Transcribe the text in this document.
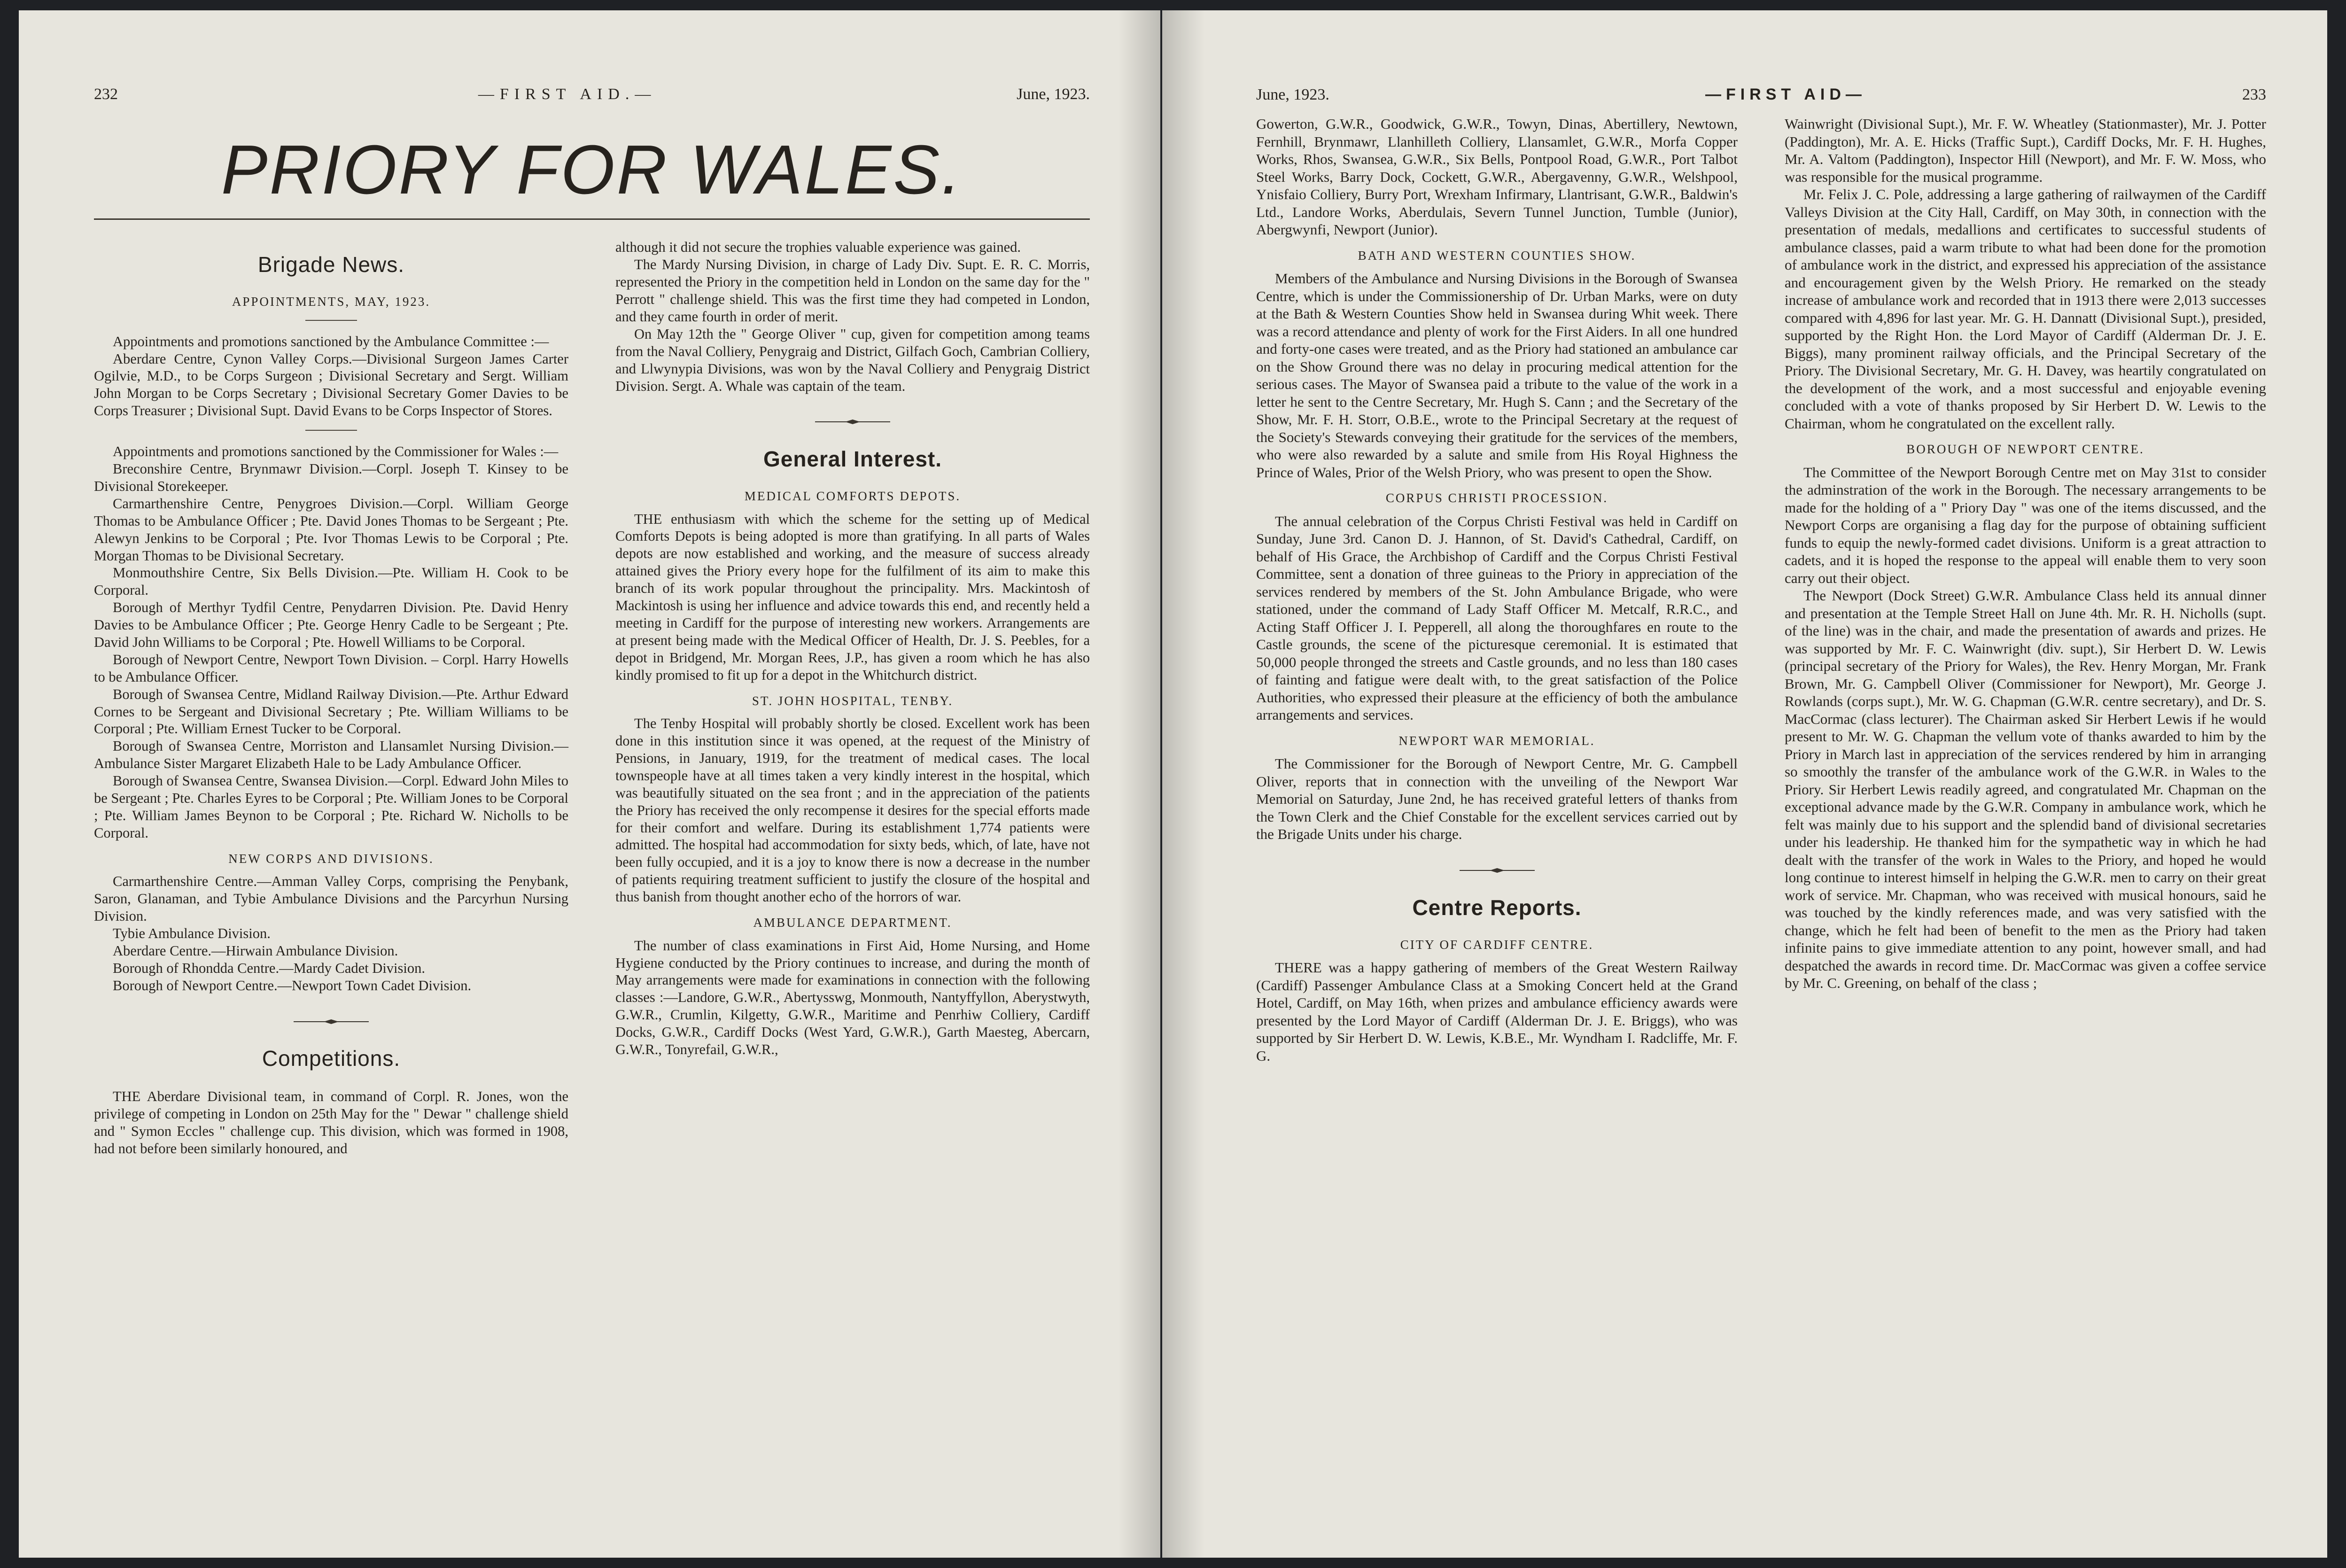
232	—FIRST AID.—	June, 1923.
PRIORY FOR WALES.
Brigade News.
APPOINTMENTS, MAY, 1923.

Appointments and promotions sanctioned by the Ambulance Committee :—

Aberdare Centre, Cynon Valley Corps.—Divisional Surgeon James Carter Ogilvie, M.D., to be Corps Surgeon ; Divisional Secretary and Sergt. William John Morgan to be Corps Secretary ; Divisional Secretary Gomer Davies to be Corps Treasurer ; Divisional Supt. David Evans to be Corps Inspector of Stores.

Appointments and promotions sanctioned by the Commissioner for Wales :—

Breconshire Centre, Brynmawr Division.—Corpl. Joseph T. Kinsey to be Divisional Storekeeper.

Carmarthenshire Centre, Penygroes Division.—Corpl. William George Thomas to be Ambulance Officer ; Pte. David Jones Thomas to be Sergeant ; Pte. Alewyn Jenkins to be Corporal ; Pte. Ivor Thomas Lewis to be Corporal ; Pte. Morgan Thomas to be Divisional Secretary.

Monmouthshire Centre, Six Bells Division.—Pte. William H. Cook to be Corporal.

Borough of Merthyr Tydfil Centre, Penydarren Division. Pte. David Henry Davies to be Ambulance Officer ; Pte. George Henry Cadle to be Sergeant ; Pte. David John Williams to be Corporal ; Pte. Howell Williams to be Corporal.

Borough of Newport Centre, Newport Town Division. – Corpl. Harry Howells to be Ambulance Officer.

Borough of Swansea Centre, Midland Railway Division.—Pte. Arthur Edward Cornes to be Sergeant and Divisional Secretary ; Pte. William Williams to be Corporal ; Pte. William Ernest Tucker to be Corporal.

Borough of Swansea Centre, Morriston and Llansamlet Nursing Division.—Ambulance Sister Margaret Elizabeth Hale to be Lady Ambulance Officer.

Borough of Swansea Centre, Swansea Division.—Corpl. Edward John Miles to be Sergeant ; Pte. Charles Eyres to be Corporal ; Pte. William Jones to be Corporal ; Pte. William James Beynon to be Corporal ; Pte. Richard W. Nicholls to be Corporal.

NEW CORPS AND DIVISIONS.

Carmarthenshire Centre.—Amman Valley Corps, comprising the Penybank, Saron, Glanaman, and Tybie Ambulance Divisions and the Parcyrhun Nursing Division.

Tybie Ambulance Division.

Aberdare Centre.—Hirwain Ambulance Division.

Borough of Rhondda Centre.—Mardy Cadet Division.

Borough of Newport Centre.—Newport Town Cadet Division.

Competitions.

THE Aberdare Divisional team, in command of Corpl. R. Jones, won the privilege of competing in London on 25th May for the " Dewar " challenge shield and " Symon Eccles " challenge cup. This division, which was formed in 1908, had not before been similarly honoured, and

although it did not secure the trophies valuable experience was gained.

The Mardy Nursing Division, in charge of Lady Div. Supt. E. R. C. Morris, represented the Priory in the competition held in London on the same day for the " Perrott " challenge shield. This was the first time they had competed in London, and they came fourth in order of merit.

On May 12th the " George Oliver " cup, given for competition among teams from the Naval Colliery, Penygraig and District, Gilfach Goch, Cambrian Colliery, and Llwynypia Divisions, was won by the Naval Colliery and Penygraig District Division. Sergt. A. Whale was captain of the team.

General Interest.
MEDICAL COMFORTS DEPOTS.

THE enthusiasm with which the scheme for the setting up of Medical Comforts Depots is being adopted is more than gratifying. In all parts of Wales depots are now established and working, and the measure of success already attained gives the Priory every hope for the fulfilment of its aim to make this branch of its work popular throughout the principality. Mrs. Mackintosh of Mackintosh is using her influence and advice towards this end, and recently held a meeting in Cardiff for the purpose of interesting new workers. Arrangements are at present being made with the Medical Officer of Health, Dr. J. S. Peebles, for a depot in Bridgend, Mr. Morgan Rees, J.P., has given a room which he has also kindly promised to fit up for a depot in the Whitchurch district.

ST. JOHN HOSPITAL, TENBY.

The Tenby Hospital will probably shortly be closed. Excellent work has been done in this institution since it was opened, at the request of the Ministry of Pensions, in January, 1919, for the treatment of medical cases. The local townspeople have at all times taken a very kindly interest in the hospital, which was beautifully situated on the sea front ; and in the appreciation of the patients the Priory has received the only recompense it desires for the special efforts made for their comfort and welfare. During its establishment 1,774 patients were admitted. The hospital had accommodation for sixty beds, which, of late, have not been fully occupied, and it is a joy to know there is now a decrease in the number of patients requiring treatment sufficient to justify the closure of the hospital and thus banish from thought another echo of the horrors of war.

AMBULANCE DEPARTMENT.

The number of class examinations in First Aid, Home Nursing, and Home Hygiene conducted by the Priory continues to increase, and during the month of May arrangements were made for examinations in connection with the following classes :—Landore, G.W.R., Abertysswg, Monmouth, Nantyffyllon, Aberystwyth, G.W.R., Crumlin, Kilgetty, G.W.R., Maritime and Penrhiw Colliery, Cardiff Docks, G.W.R., Cardiff Docks (West Yard, G.W.R.), Garth Maesteg, Abercarn, G.W.R., Tonyrefail, G.W.R.,

June, 1923.	—FIRST AID—	233

Gowerton, G.W.R., Goodwick, G.W.R., Towyn, Dinas, Abertillery, Newtown, Fernhill, Brynmawr, Llanhilleth Colliery, Llansamlet, G.W.R., Morfa Copper Works, Rhos, Swansea, G.W.R., Six Bells, Pontpool Road, G.W.R., Port Talbot Steel Works, Barry Dock, Cockett, G.W.R., Abergavenny, G.W.R., Welshpool, Ynisfaio Colliery, Burry Port, Wrexham Infirmary, Llantrisant, G.W.R., Baldwin's Ltd., Landore Works, Aberdulais, Severn Tunnel Junction, Tumble (Junior), Abergwynfi, Newport (Junior).

BATH AND WESTERN COUNTIES SHOW.

Members of the Ambulance and Nursing Divisions in the Borough of Swansea Centre, which is under the Commissionership of Dr. Urban Marks, were on duty at the Bath & Western Counties Show held in Swansea during Whit week. There was a record attendance and plenty of work for the First Aiders. In all one hundred and forty-one cases were treated, and as the Priory had stationed an ambulance car on the Show Ground there was no delay in procuring medical attention for the serious cases. The Mayor of Swansea paid a tribute to the value of the work in a letter he sent to the Centre Secretary, Mr. Hugh S. Cann ; and the Secretary of the Show, Mr. F. H. Storr, O.B.E., wrote to the Principal Secretary at the request of the Society's Stewards conveying their gratitude for the services of the members, who were also rewarded by a salute and smile from His Royal Highness the Prince of Wales, Prior of the Welsh Priory, who was present to open the Show.

CORPUS CHRISTI PROCESSION.

The annual celebration of the Corpus Christi Festival was held in Cardiff on Sunday, June 3rd. Canon D. J. Hannon, of St. David's Cathedral, Cardiff, on behalf of His Grace, the Archbishop of Cardiff and the Corpus Christi Festival Committee, sent a donation of three guineas to the Priory in appreciation of the services rendered by members of the St. John Ambulance Brigade, who were stationed, under the command of Lady Staff Officer M. Metcalf, R.R.C., and Acting Staff Officer J. I. Pepperell, all along the thoroughfares en route to the Castle grounds, the scene of the picturesque ceremonial. It is estimated that 50,000 people thronged the streets and Castle grounds, and no less than 180 cases of fainting and fatigue were dealt with, to the great satisfaction of the Police Authorities, who expressed their pleasure at the efficiency of both the ambulance arrangements and services.

NEWPORT WAR MEMORIAL.

The Commissioner for the Borough of Newport Centre, Mr. G. Campbell Oliver, reports that in connection with the unveiling of the Newport War Memorial on Saturday, June 2nd, he has received grateful letters of thanks from the Town Clerk and the Chief Constable for the excellent services carried out by the Brigade Units under his charge.

Centre Reports.
CITY OF CARDIFF CENTRE.

THERE was a happy gathering of members of the Great Western Railway (Cardiff) Passenger Ambulance Class at a Smoking Concert held at the Grand Hotel, Cardiff, on May 16th, when prizes and ambulance efficiency awards were presented by the Lord Mayor of Cardiff (Alderman Dr. J. E. Briggs), who was supported by Sir Herbert D. W. Lewis, K.B.E., Mr. Wyndham I. Radcliffe, Mr. F. G.

Wainwright (Divisional Supt.), Mr. F. W. Wheatley (Stationmaster), Mr. J. Potter (Paddington), Mr. A. E. Hicks (Traffic Supt.), Cardiff Docks, Mr. F. H. Hughes, Mr. A. Valtom (Paddington), Inspector Hill (Newport), and Mr. F. W. Moss, who was responsible for the musical programme.

Mr. Felix J. C. Pole, addressing a large gathering of railwaymen of the Cardiff Valleys Division at the City Hall, Cardiff, on May 30th, in connection with the presentation of medals, medallions and certificates to successful students of ambulance classes, paid a warm tribute to what had been done for the promotion of ambulance work in the district, and expressed his appreciation of the assistance and encouragement given by the Welsh Priory. He remarked on the steady increase of ambulance work and recorded that in 1913 there were 2,013 successes compared with 4,896 for last year. Mr. G. H. Dannatt (Divisional Supt.), presided, supported by the Right Hon. the Lord Mayor of Cardiff (Alderman Dr. J. E. Biggs), many prominent railway officials, and the Principal Secretary of the Priory. The Divisional Secretary, Mr. G. H. Davey, was heartily congratulated on the development of the work, and a most successful and enjoyable evening concluded with a vote of thanks proposed by Sir Herbert D. W. Lewis to the Chairman, whom he congratulated on the excellent rally.

BOROUGH OF NEWPORT CENTRE.

The Committee of the Newport Borough Centre met on May 31st to consider the adminstration of the work in the Borough. The necessary arrangements to be made for the holding of a " Priory Day " was one of the items discussed, and the Newport Corps are organising a flag day for the purpose of obtaining sufficient funds to equip the newly-formed cadet divisions. Uniform is a great attraction to cadets, and it is hoped the response to the appeal will enable them to very soon carry out their object.

The Newport (Dock Street) G.W.R. Ambulance Class held its annual dinner and presentation at the Temple Street Hall on June 4th. Mr. R. H. Nicholls (supt. of the line) was in the chair, and made the presentation of awards and prizes. He was supported by Mr. F. C. Wainwright (div. supt.), Sir Herbert D. W. Lewis (principal secretary of the Priory for Wales), the Rev. Henry Morgan, Mr. Frank Brown, Mr. G. Campbell Oliver (Commissioner for Newport), Mr. George J. Rowlands (corps supt.), Mr. W. G. Chapman (G.W.R. centre secretary), and Dr. S. MacCormac (class lecturer). The Chairman asked Sir Herbert Lewis if he would present to Mr. W. G. Chapman the vellum vote of thanks awarded to him by the Priory in March last in appreciation of the services rendered by him in arranging so smoothly the transfer of the ambulance work of the G.W.R. in Wales to the Priory. Sir Herbert Lewis readily agreed, and congratulated Mr. Chapman on the exceptional advance made by the G.W.R. Company in ambulance work, which he felt was mainly due to his support and the splendid band of divisional secretaries under his leadership. He thanked him for the sympathetic way in which he had dealt with the transfer of the work in Wales to the Priory, and hoped he would long continue to interest himself in helping the G.W.R. men to carry on their great work of service. Mr. Chapman, who was received with musical honours, said he was touched by the kindly references made, and was very satisfied with the change, which he felt had been of benefit to the men as the Priory had taken infinite pains to give immediate attention to any point, however small, and had despatched the awards in record time. Dr. MacCormac was given a coffee service by Mr. C. Greening, on behalf of the class ;
